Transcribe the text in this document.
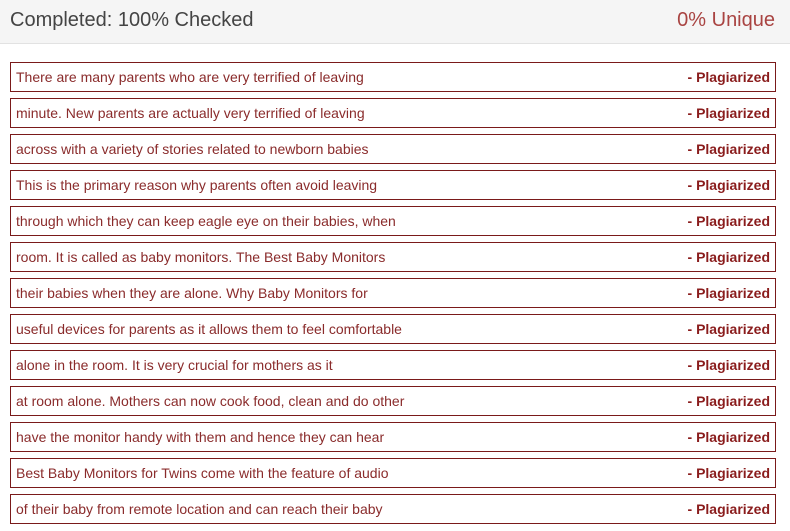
Completed: 100% Checked	0% Unique
There are many parents who are very terrified of leaving	- Plagiarized
minute. New parents are actually very terrified of leaving	- Plagiarized
across with a variety of stories related to newborn babies	- Plagiarized
This is the primary reason why parents often avoid leaving	- Plagiarized
through which they can keep eagle eye on their babies, when	- Plagiarized
room. It is called as baby monitors. The Best Baby Monitors	- Plagiarized
their babies when they are alone. Why Baby Monitors for	- Plagiarized
useful devices for parents as it allows them to feel comfortable	- Plagiarized
alone in the room. It is very crucial for mothers as it	- Plagiarized
at room alone. Mothers can now cook food, clean and do other	- Plagiarized
have the monitor handy with them and hence they can hear	- Plagiarized
Best Baby Monitors for Twins come with the feature of audio	- Plagiarized
of their baby from remote location and can reach their baby	- Plagiarized
